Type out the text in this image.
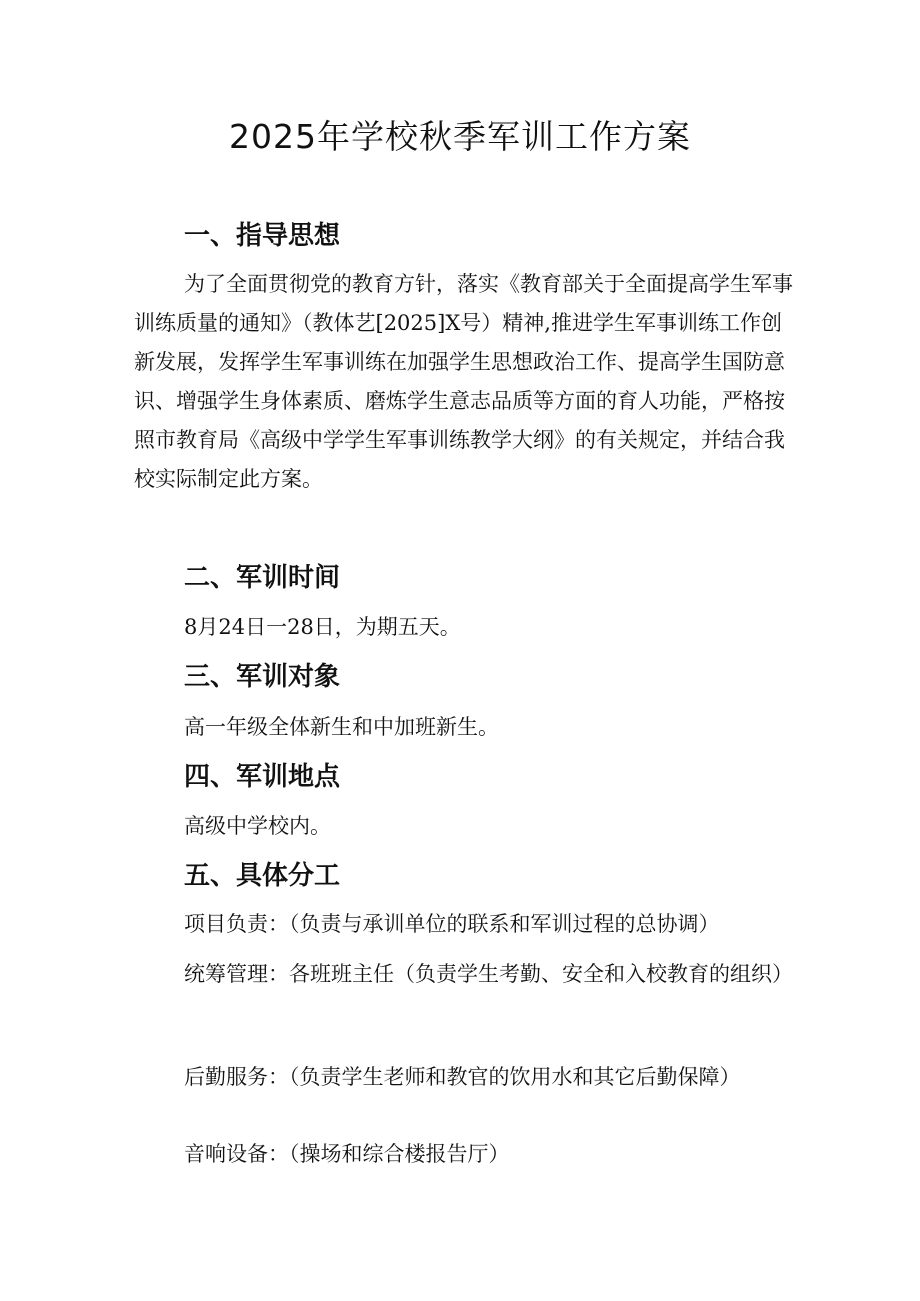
2025年学校秋季军训工作方案
一、指导思想

为了全面贯彻党的教育方针，落实《教育部关于全面提高学生军事训练质量的通知》（教体艺[2025]X号）精神,推进学生军事训练工作创新发展，发挥学生军事训练在加强学生思想政治工作、提高学生国防意识、增强学生身体素质、磨炼学生意志品质等方面的育人功能，严格按照市教育局《高级中学学生军事训练教学大纲》的有关规定，并结合我校实际制定此方案。

二、军训时间
8月24日一28日，为期五天。
三、军训对象
高一年级全体新生和中加班新生。
四、军训地点
高级中学校内。
五、具体分工
项目负责：（负责与承训单位的联系和军训过程的总协调）

统筹管理：各班班主任（负责学生考勤、安全和入校教育的组织）

后勤服务：（负责学生老师和教官的饮用水和其它后勤保障）

音响设备：（操场和综合楼报告厅）
